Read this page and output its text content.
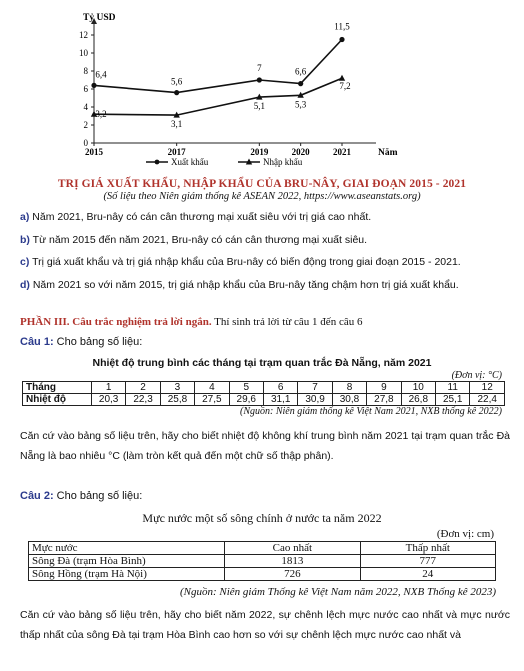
Tỷ USD
Năm
0
2
4
6
8
10
12
2015	2017	2019	2020	2021
6,4
5,6
7	6,6
11,5
3,2
3,1
5,1	5,3
7,2
Xuất khẩu	Nhập khẩu
TRỊ GIÁ XUẤT KHẨU, NHẬP KHẨU CỦA BRU-NÂY, GIAI ĐOẠN 2015 - 2021
(Số liệu theo Niên giám thống kê ASEAN 2022, https://www.aseanstats.org)
a) Năm 2021, Bru-nây có cán cân thương mại xuất siêu với trị giá cao nhất.
b) Từ năm 2015 đến năm 2021, Bru-nây có cán cân thương mại xuất siêu.
c) Trị giá xuất khẩu và trị giá nhập khẩu của Bru-nây có biến động trong giai đoạn 2015 - 2021.
d) Năm 2021 so với năm 2015, trị giá nhập khẩu của Bru-nây tăng chậm hơn trị giá xuất khẩu.
PHẦN III. Câu trắc nghiệm trả lời ngắn. Thí sinh trả lời từ câu 1 đến câu 6
Câu 1: Cho bảng số liệu:
Nhiệt độ trung bình các tháng tại trạm quan trắc Đà Nẵng, năm 2021
(Đơn vị: °C)
Tháng	1	2	3	4	5	6	7	8	9	10	11	12
Nhiệt độ	20,3	22,3	25,8	27,5	29,6	31,1	30,9	30,8	27,8	26,8	25,1	22,4
(Nguồn: Niên giám thống kê Việt Nam 2021, NXB thống kê 2022)
Căn cứ vào bảng số liệu trên, hãy cho biết nhiệt độ không khí trung bình năm 2021 tại trạm quan trắc Đà Nẵng là bao nhiêu °C (làm tròn kết quả đến một chữ số thập phân).
Câu 2: Cho bảng số liệu:
Mực nước một số sông chính ở nước ta năm 2022
(Đơn vị: cm)
Mực nước	Cao nhất	Thấp nhất
Sông Đà (trạm Hòa Bình)	1813	777
Sông Hồng (trạm Hà Nội)	726	24
(Nguồn: Niên giám Thống kê Việt Nam năm 2022, NXB Thống kê 2023)
Căn cứ vào bảng số liệu trên, hãy cho biết năm 2022, sự chênh lệch mực nước cao nhất và mực nước thấp nhất của sông Đà tại trạm Hòa Bình cao hơn so với sự chênh lệch mực nước cao nhất và
